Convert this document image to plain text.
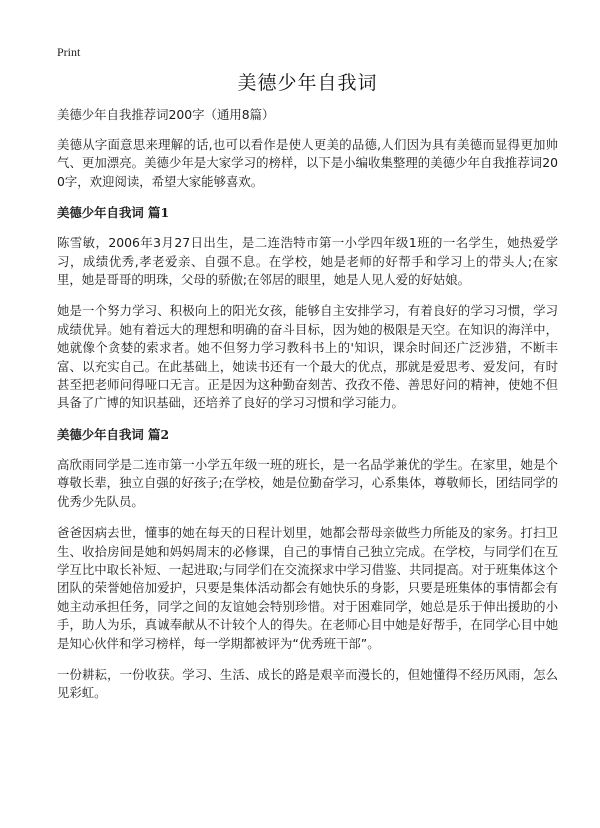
Print
美德少年自我词

美德少年自我推荐词200字（通用8篇）

美德从字面意思来理解的话,也可以看作是使人更美的品德,人们因为具有美德而显得更加帅气、更加漂亮。美德少年是大家学习的榜样，以下是小编收集整理的美德少年自我推荐词200字，欢迎阅读，希望大家能够喜欢。

美德少年自我词 篇1

陈雪敏，2006年3月27日出生，是二连浩特市第一小学四年级1班的一名学生，她热爱学习，成绩优秀,孝老爱亲、自强不息。在学校，她是老师的好帮手和学习上的带头人;在家里，她是哥哥的明珠，父母的骄傲;在邻居的眼里，她是人见人爱的好姑娘。

她是一个努力学习、积极向上的阳光女孩，能够自主安排学习，有着良好的学习习惯，学习成绩优异。她有着远大的理想和明确的奋斗目标，因为她的极限是天空。在知识的海洋中，她就像个贪婪的索求者。她不但努力学习教科书上的'知识，课余时间还广泛涉猎，不断丰富、以充实自己。在此基础上，她读书还有一个最大的优点，那就是爱思考、爱发问，有时甚至把老师问得哑口无言。正是因为这种勤奋刻苦、孜孜不倦、善思好问的精神，使她不但具备了广博的知识基础，还培养了良好的学习习惯和学习能力。

美德少年自我词 篇2

高欣雨同学是二连市第一小学五年级一班的班长，是一名品学兼优的学生。在家里，她是个尊敬长辈，独立自强的好孩子;在学校，她是位勤奋学习，心系集体，尊敬师长，团结同学的优秀少先队员。

爸爸因病去世，懂事的她在每天的日程计划里，她都会帮母亲做些力所能及的家务。打扫卫生、收拾房间是她和妈妈周末的必修课，自己的事情自己独立完成。在学校，与同学们在互学互比中取长补短、一起进取;与同学们在交流探求中学习借鉴、共同提高。对于班集体这个团队的荣誉她倍加爱护，只要是集体活动都会有她快乐的身影，只要是班集体的事情都会有她主动承担任务，同学之间的友谊她会特别珍惜。对于困难同学，她总是乐于伸出援助的小手，助人为乐，真诚奉献从不计较个人的得失。在老师心目中她是好帮手，在同学心目中她是知心伙伴和学习榜样，每一学期都被评为“优秀班干部”。

一份耕耘，一份收获。学习、生活、成长的路是艰辛而漫长的，但她懂得不经历风雨，怎么见彩虹。
